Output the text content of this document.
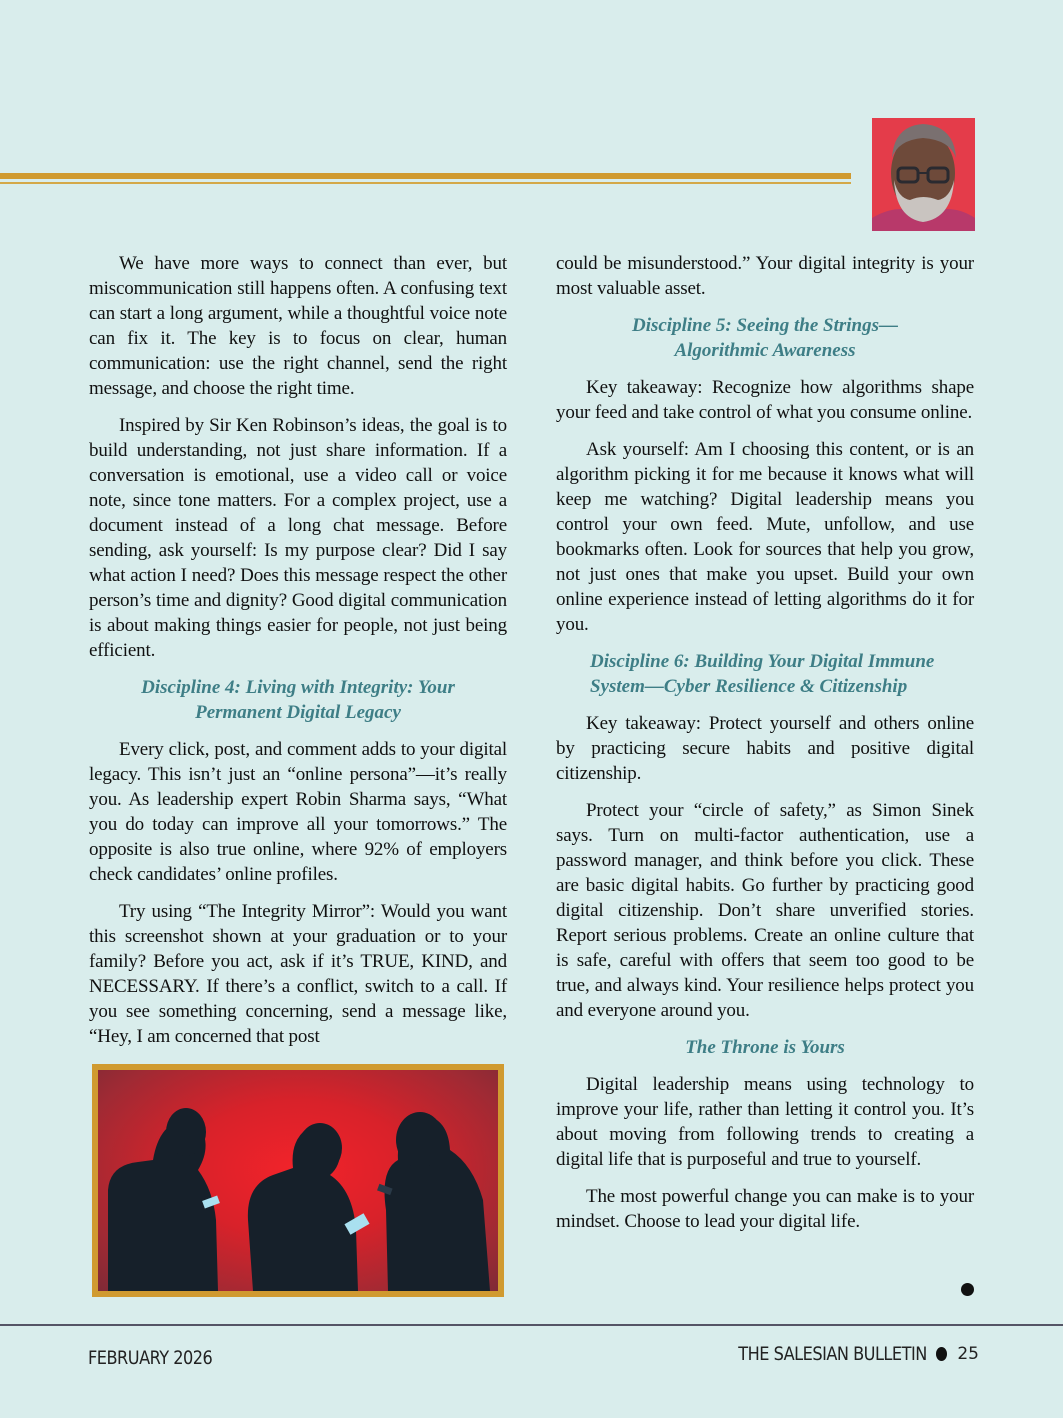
We have more ways to connect than ever, but miscommunication still happens often. A confusing text can start a long argument, while a thoughtful voice note can fix it. The key is to focus on clear, human communication: use the right channel, send the right message, and choose the right time.

Inspired by Sir Ken Robinson’s ideas, the goal is to build understanding, not just share information. If a conversation is emotional, use a video call or voice note, since tone matters. For a complex project, use a document instead of a long chat message. Before sending, ask yourself: Is my purpose clear? Did I say what action I need? Does this message respect the other person’s time and dignity? Good digital communication is about making things easier for people, not just being efficient.

Discipline 4: Living with Integrity: Your Permanent Digital Legacy

Every click, post, and comment adds to your digital legacy. This isn’t just an “online persona”—it’s really you. As leadership expert Robin Sharma says, “What you do today can improve all your tomorrows.” The opposite is also true online, where 92% of employers check candidates’ online profiles.

Try using “The Integrity Mirror”: Would you want this screenshot shown at your graduation or to your family? Before you act, ask if it’s TRUE, KIND, and NECESSARY. If there’s a conflict, switch to a call. If you see something concerning, send a message like, “Hey, I am concerned that post

could be misunderstood.” Your digital integrity is your most valuable asset.

Discipline 5: Seeing the Strings—
Algorithmic Awareness

Key takeaway: Recognize how algorithms shape your feed and take control of what you consume online.

Ask yourself: Am I choosing this content, or is an algorithm picking it for me because it knows what will keep me watching? Digital leadership means you control your own feed. Mute, unfollow, and use bookmarks often. Look for sources that help you grow, not just ones that make you upset. Build your own online experience instead of letting algorithms do it for you.

Discipline 6: Building Your Digital Immune
System—Cyber Resilience & Citizenship

Key takeaway: Protect yourself and others online by practicing secure habits and positive digital citizenship.

Protect your “circle of safety,” as Simon Sinek says. Turn on multi-factor authentication, use a password manager, and think before you click. These are basic digital habits. Go further by practicing good digital citizenship. Don’t share unverified stories. Report serious problems. Create an online culture that is safe, careful with offers that seem too good to be true, and always kind. Your resilience helps protect you and everyone around you.

The Throne is Yours

Digital leadership means using technology to improve your life, rather than letting it control you. It’s about moving from following trends to creating a digital life that is purposeful and true to yourself.

The most powerful change you can make is to your mindset. Choose to lead your digital life.

FEBRUARY 2026	THE SALESIAN BULLETIN 25
